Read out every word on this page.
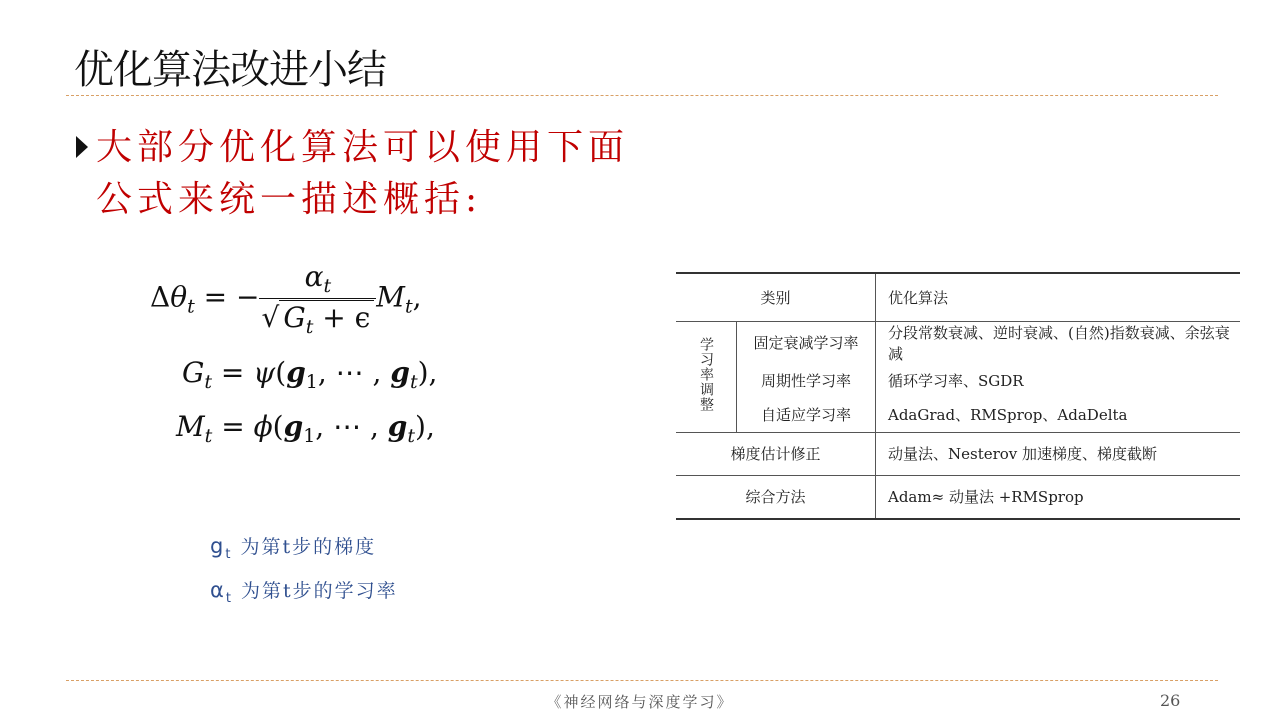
优化算法改进小结
大部分优化算法可以使用下面公式来统一描述概括:
$\Delta\theta_t$ = − $\frac{\alpha_t}{√ G_t + \epsilon} M_t$,
$G_t = \psi(g_1$, ⋯ , $g_t$),
$M_t = \phi(g_1$, ⋯ , $g_t$),
$g_t$ 为第t步的梯度
$\alpha_t$ 为第t步的学习率
类别		优化算法
学习率调整	固定衰减学习率	分段常数衰减、逆时衰减、(自然)指数衰减、余弦衰减
	周期性学习率	循环学习率、SGDR
	自适应学习率	AdaGrad、RMSprop、AdaDelta
梯度估计修正		动量法、Nesterov 加速梯度、梯度截断
综合方法		Adam≈ 动量法 +RMSprop
《神经网络与深度学习》	26
